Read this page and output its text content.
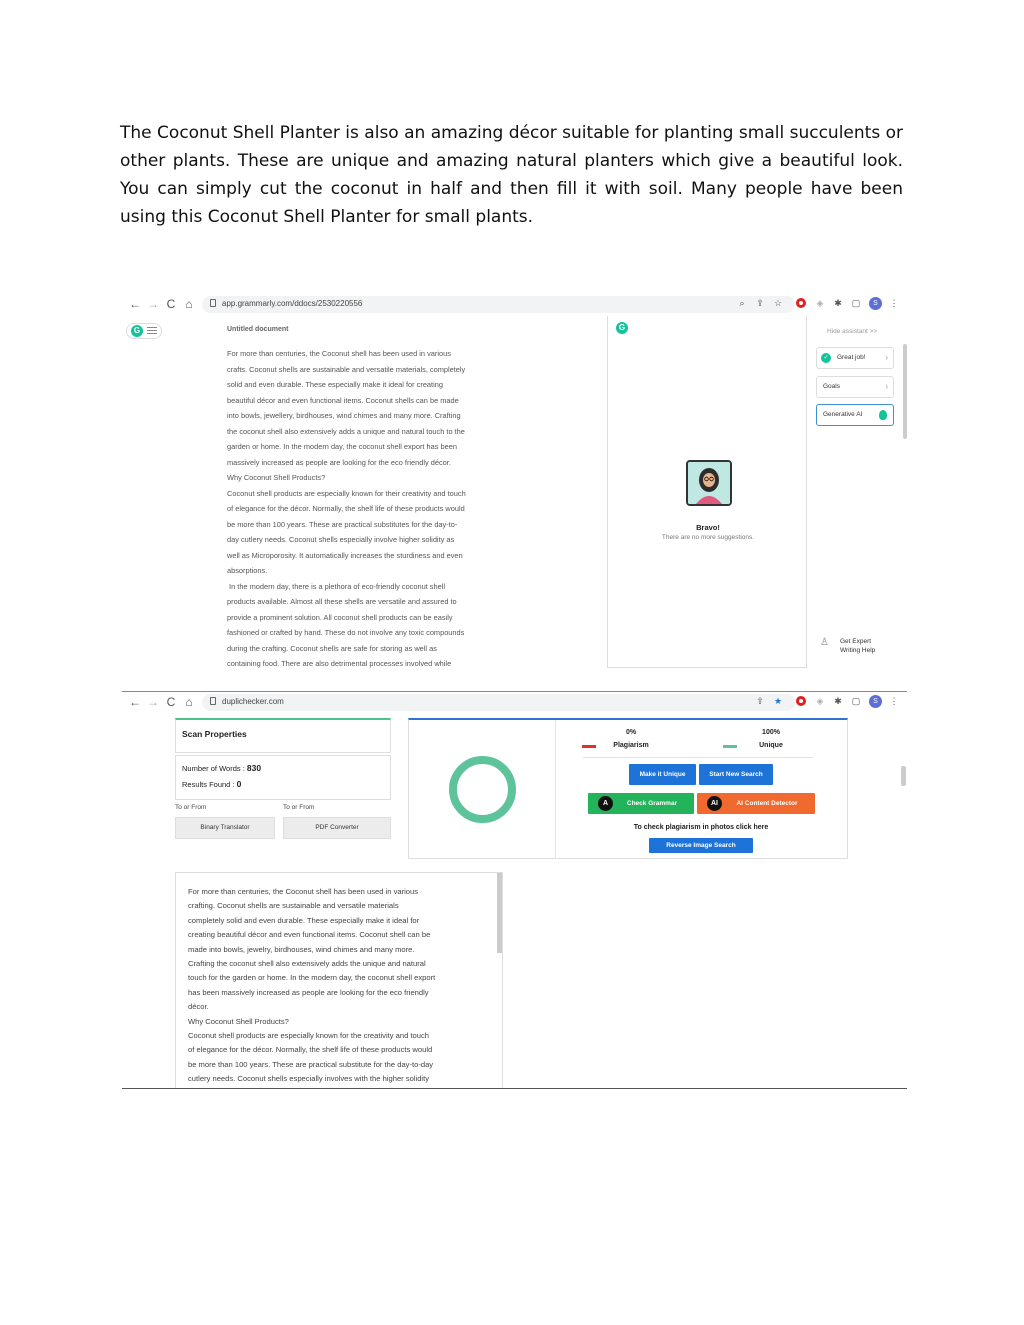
The Coconut Shell Planter is also an amazing décor suitable for planting small succulents or other plants. These are unique and amazing natural planters which give a beautiful look. You can simply cut the coconut in half and then fill it with soil. Many people have been using this Coconut Shell Planter for small plants.
← → C ⌂	app.grammarly.com/ddocs/2530220556	⌕	⇪ ☆	◈ ✱ ▢	S	⋮
G	Untitled document

For more than centuries, the Coconut shell has been used in various

crafts. Coconut shells are sustainable and versatile materials, completely

solid and even durable. These especially make it ideal for creating

beautiful décor and even functional items. Coconut shells can be made

into bowls, jewellery, birdhouses, wind chimes and many more. Crafting

the coconut shell also extensively adds a unique and natural touch to the

garden or home. In the modern day, the coconut shell export has been

massively increased as people are looking for the eco friendly décor.

Why Coconut Shell Products?

Coconut shell products are especially known for their creativity and touch

of elegance for the décor. Normally, the shelf life of these products would

be more than 100 years. These are practical substitutes for the day-to-

day cutlery needs. Coconut shells especially involve higher solidity as

well as Microporosity. It automatically increases the sturdiness and even

absorptions.

In the modern day, there is a plethora of eco-friendly coconut shell

products available. Almost all these shells are versatile and assured to

provide a prominent solution. All coconut shell products can be easily

fashioned or crafted by hand. These do not involve any toxic compounds

during the crafting. Coconut shells are safe for storing as well as

containing food. There are also detrimental processes involved while

G
Bravo!
There are no more suggestions.
Hide assistant >>
✓	Great job! ›
Goals	›
Generative AI
♙ Get Expert
Writing Help
← → C ⌂	duplichecker.com	⇪ ★	◈ ✱ ▢	S	⋮
Scan Properties
Number of Words : 830
Results Found : 0
To or From	To or From
Binary Translator	PDF Converter
0%
Plagiarism
100%
Unique
Make it Unique	Start New Search
A	Check Grammar	AI	AI Content Detector
To check plagiarism in photos click here
Reverse Image Search

For more than centuries, the Coconut shell has been used in various

crafting. Coconut shells are sustainable and versatile materials

completely solid and even durable. These especially make it ideal for

creating beautiful décor and even functional items. Coconut shell can be

made into bowls, jewelry, birdhouses, wind chimes and many more.

Crafting the coconut shell also extensively adds the unique and natural

touch for the garden or home. In the modern day, the coconut shell export

has been massively increased as people are looking for the eco friendly

décor.

Why Coconut Shell Products?

Coconut shell products are especially known for the creativity and touch

of elegance for the décor. Normally, the shelf life of these products would

be more than 100 years. These are practical substitute for the day-to-day

cutlery needs. Coconut shells especially involves with the higher solidity
